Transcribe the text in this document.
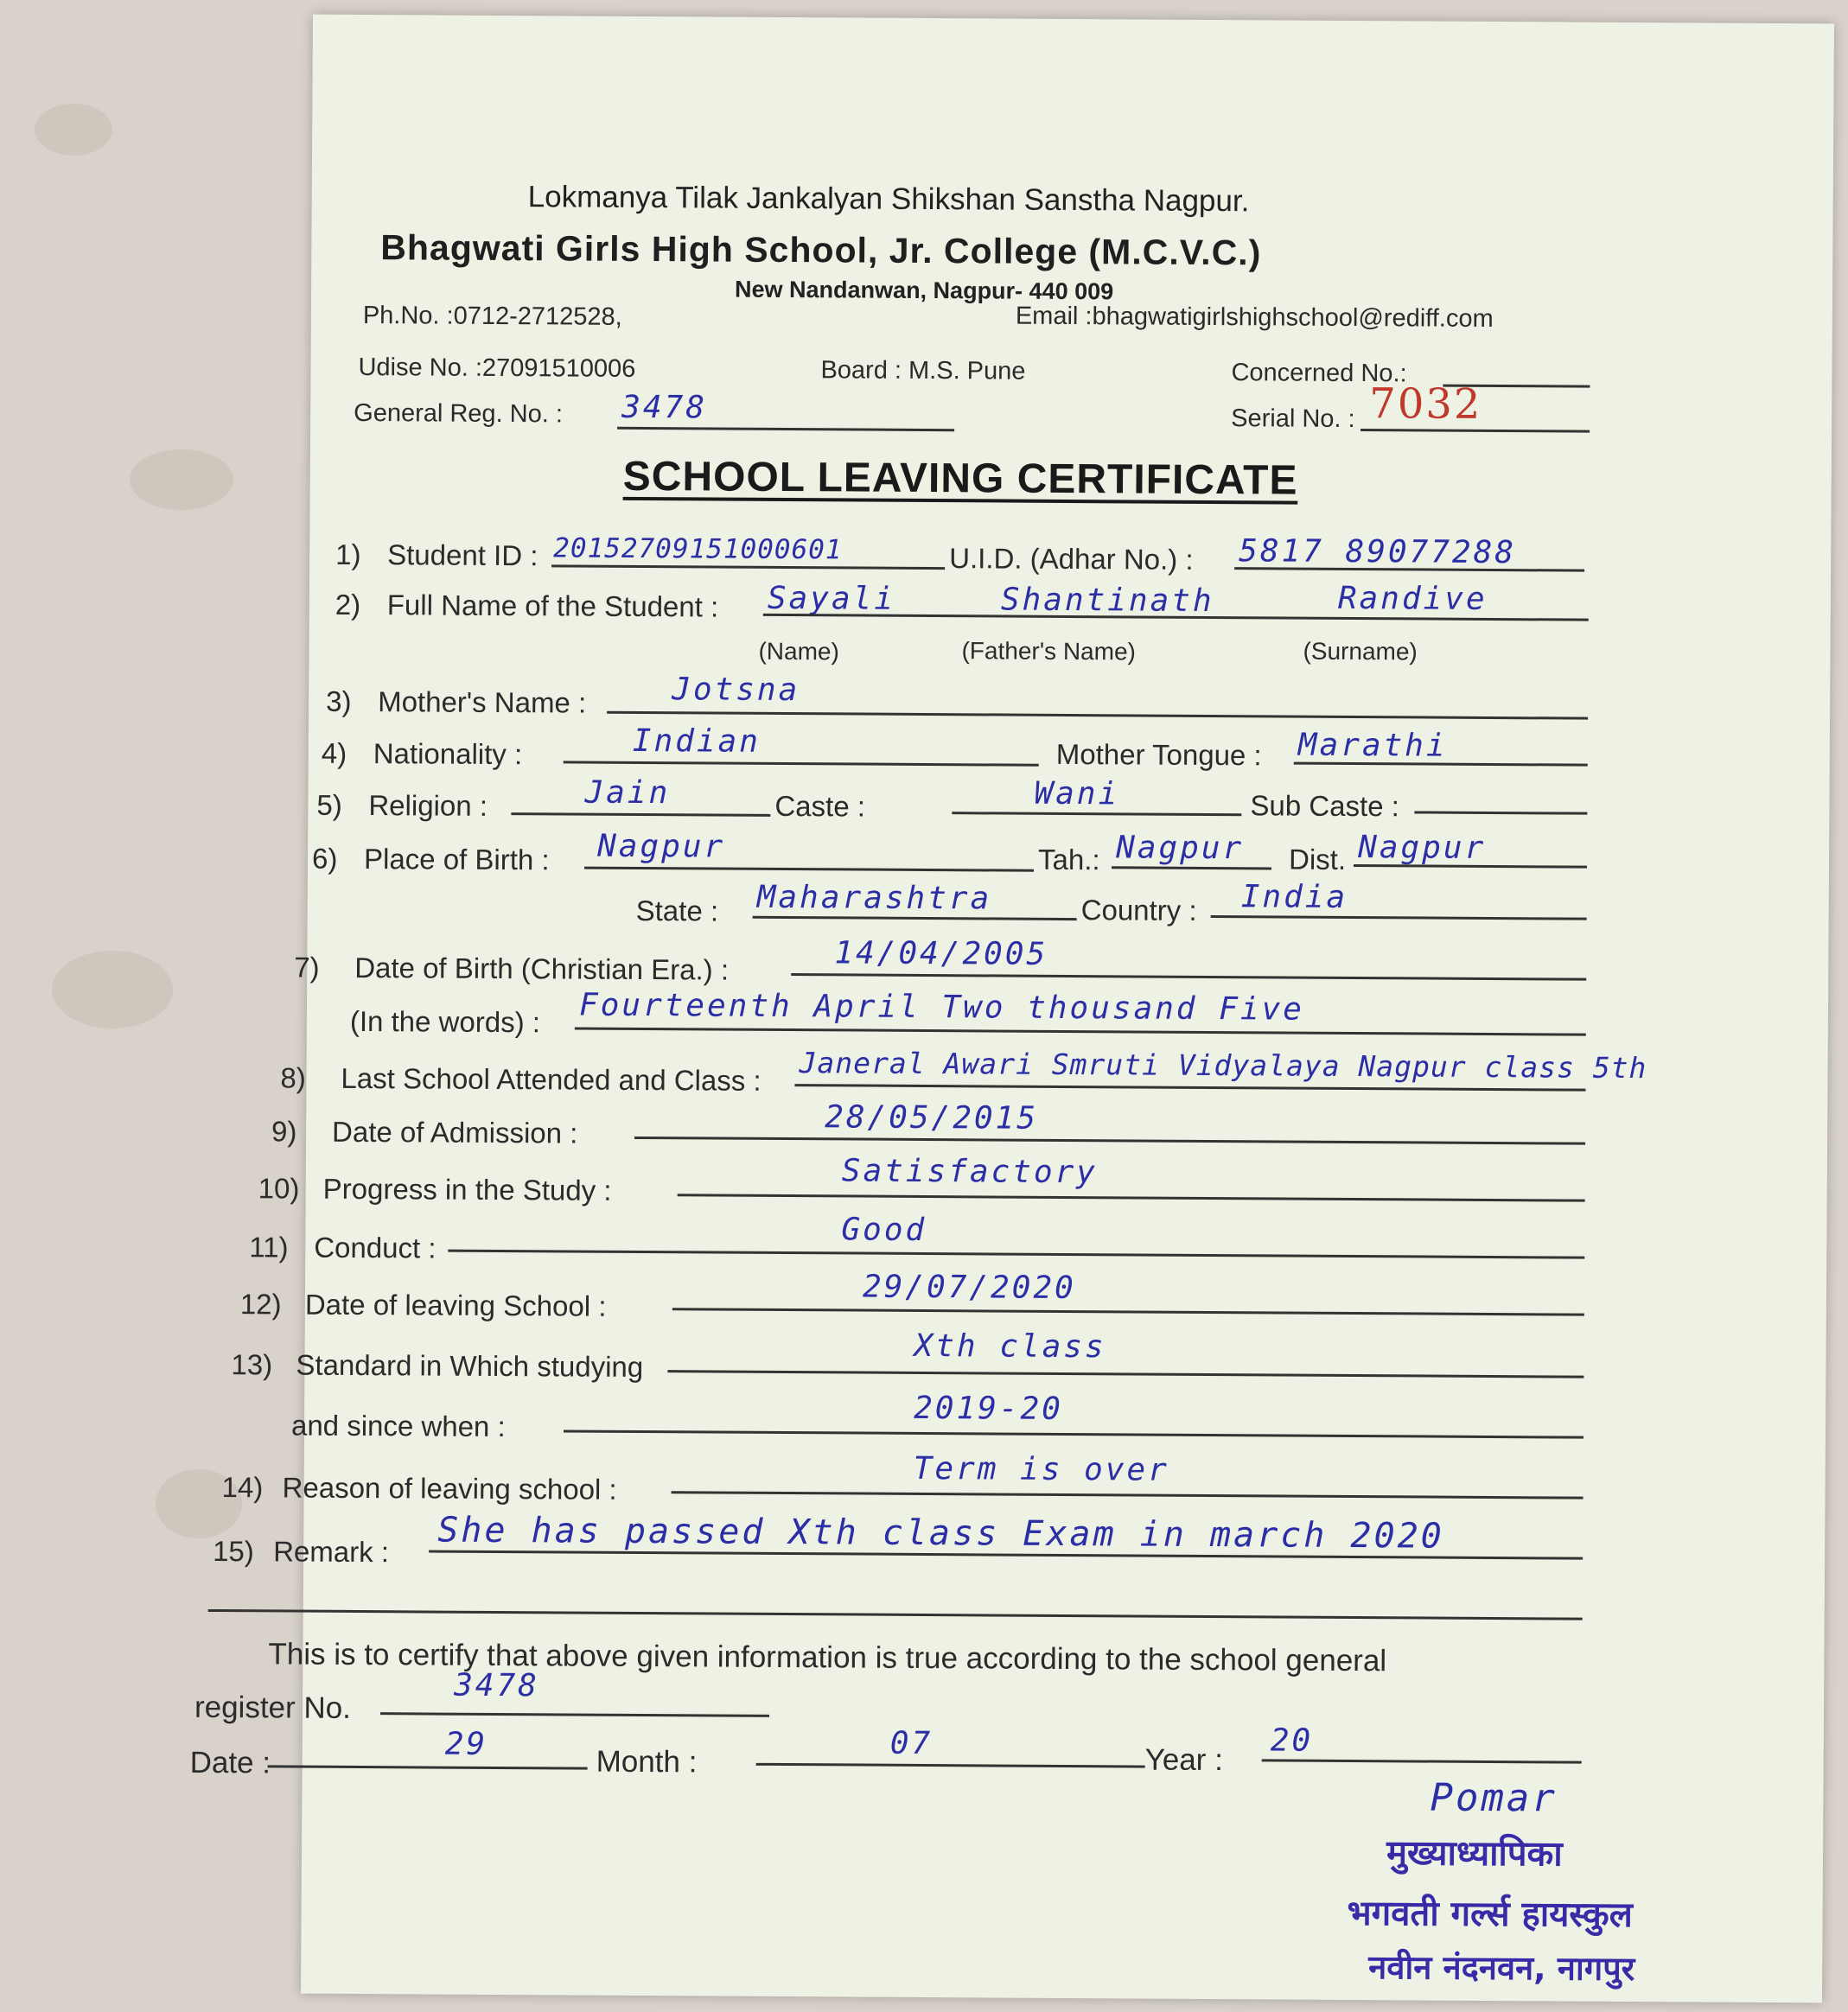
Lokmanya Tilak Jankalyan Shikshan Sanstha Nagpur.
Bhagwati Girls High School, Jr. College (M.C.V.C.)
New Nandanwan, Nagpur- 440 009
Ph.No. :0712-2712528,	Email :bhagwatigirlshighschool@rediff.com
Udise No. :27091510006	Board : M.S. Pune	Concerned No.:
General Reg. No. : 3478	Serial No. : 7032
SCHOOL LEAVING CERTIFICATE
1) Student ID : 20152709151000601	U.I.D. (Adhar No.) : 5817 89077288
2) Full Name of the Student : Sayali	Shantinath	Randive
(Name)	(Father's Name)	(Surname)
3) Mother's Name :	Jotsna
4) Nationality :	Indian	Mother Tongue : Marathi
5) Religion :	Jain	Caste :	Wani	Sub Caste :
6) Place of Birth : Nagpur	Tah.: Nagpur Dist. Nagpur
State : Maharashtra	Country : India
7) Date of Birth (Christian Era.) :	14/04/2005
(In the words) : Fourteenth April Two thousand Five
8) Last School Attended and Class : Janeral Awari Smruti Vidyalaya Nagpur class 5th
9) Date of Admission :	28/05/2015
10) Progress in the Study :	Satisfactory
11) Conduct :	Good
12) Date of leaving School :	29/07/2020
13) Standard in Which studying
Xth class
and since when :	2019-20
14) Reason of leaving school :
Term is over
15) Remark : She has passed Xth class Exam in march 2020
This is to certify that above given information is true according to the school general
register No.
3478
Date :
29	Month :
07	Year :
20
Pomar
मुख्याध्यापिका
भगवती गर्ल्स हायस्कुल
नवीन नंदनवन, नागपुर
